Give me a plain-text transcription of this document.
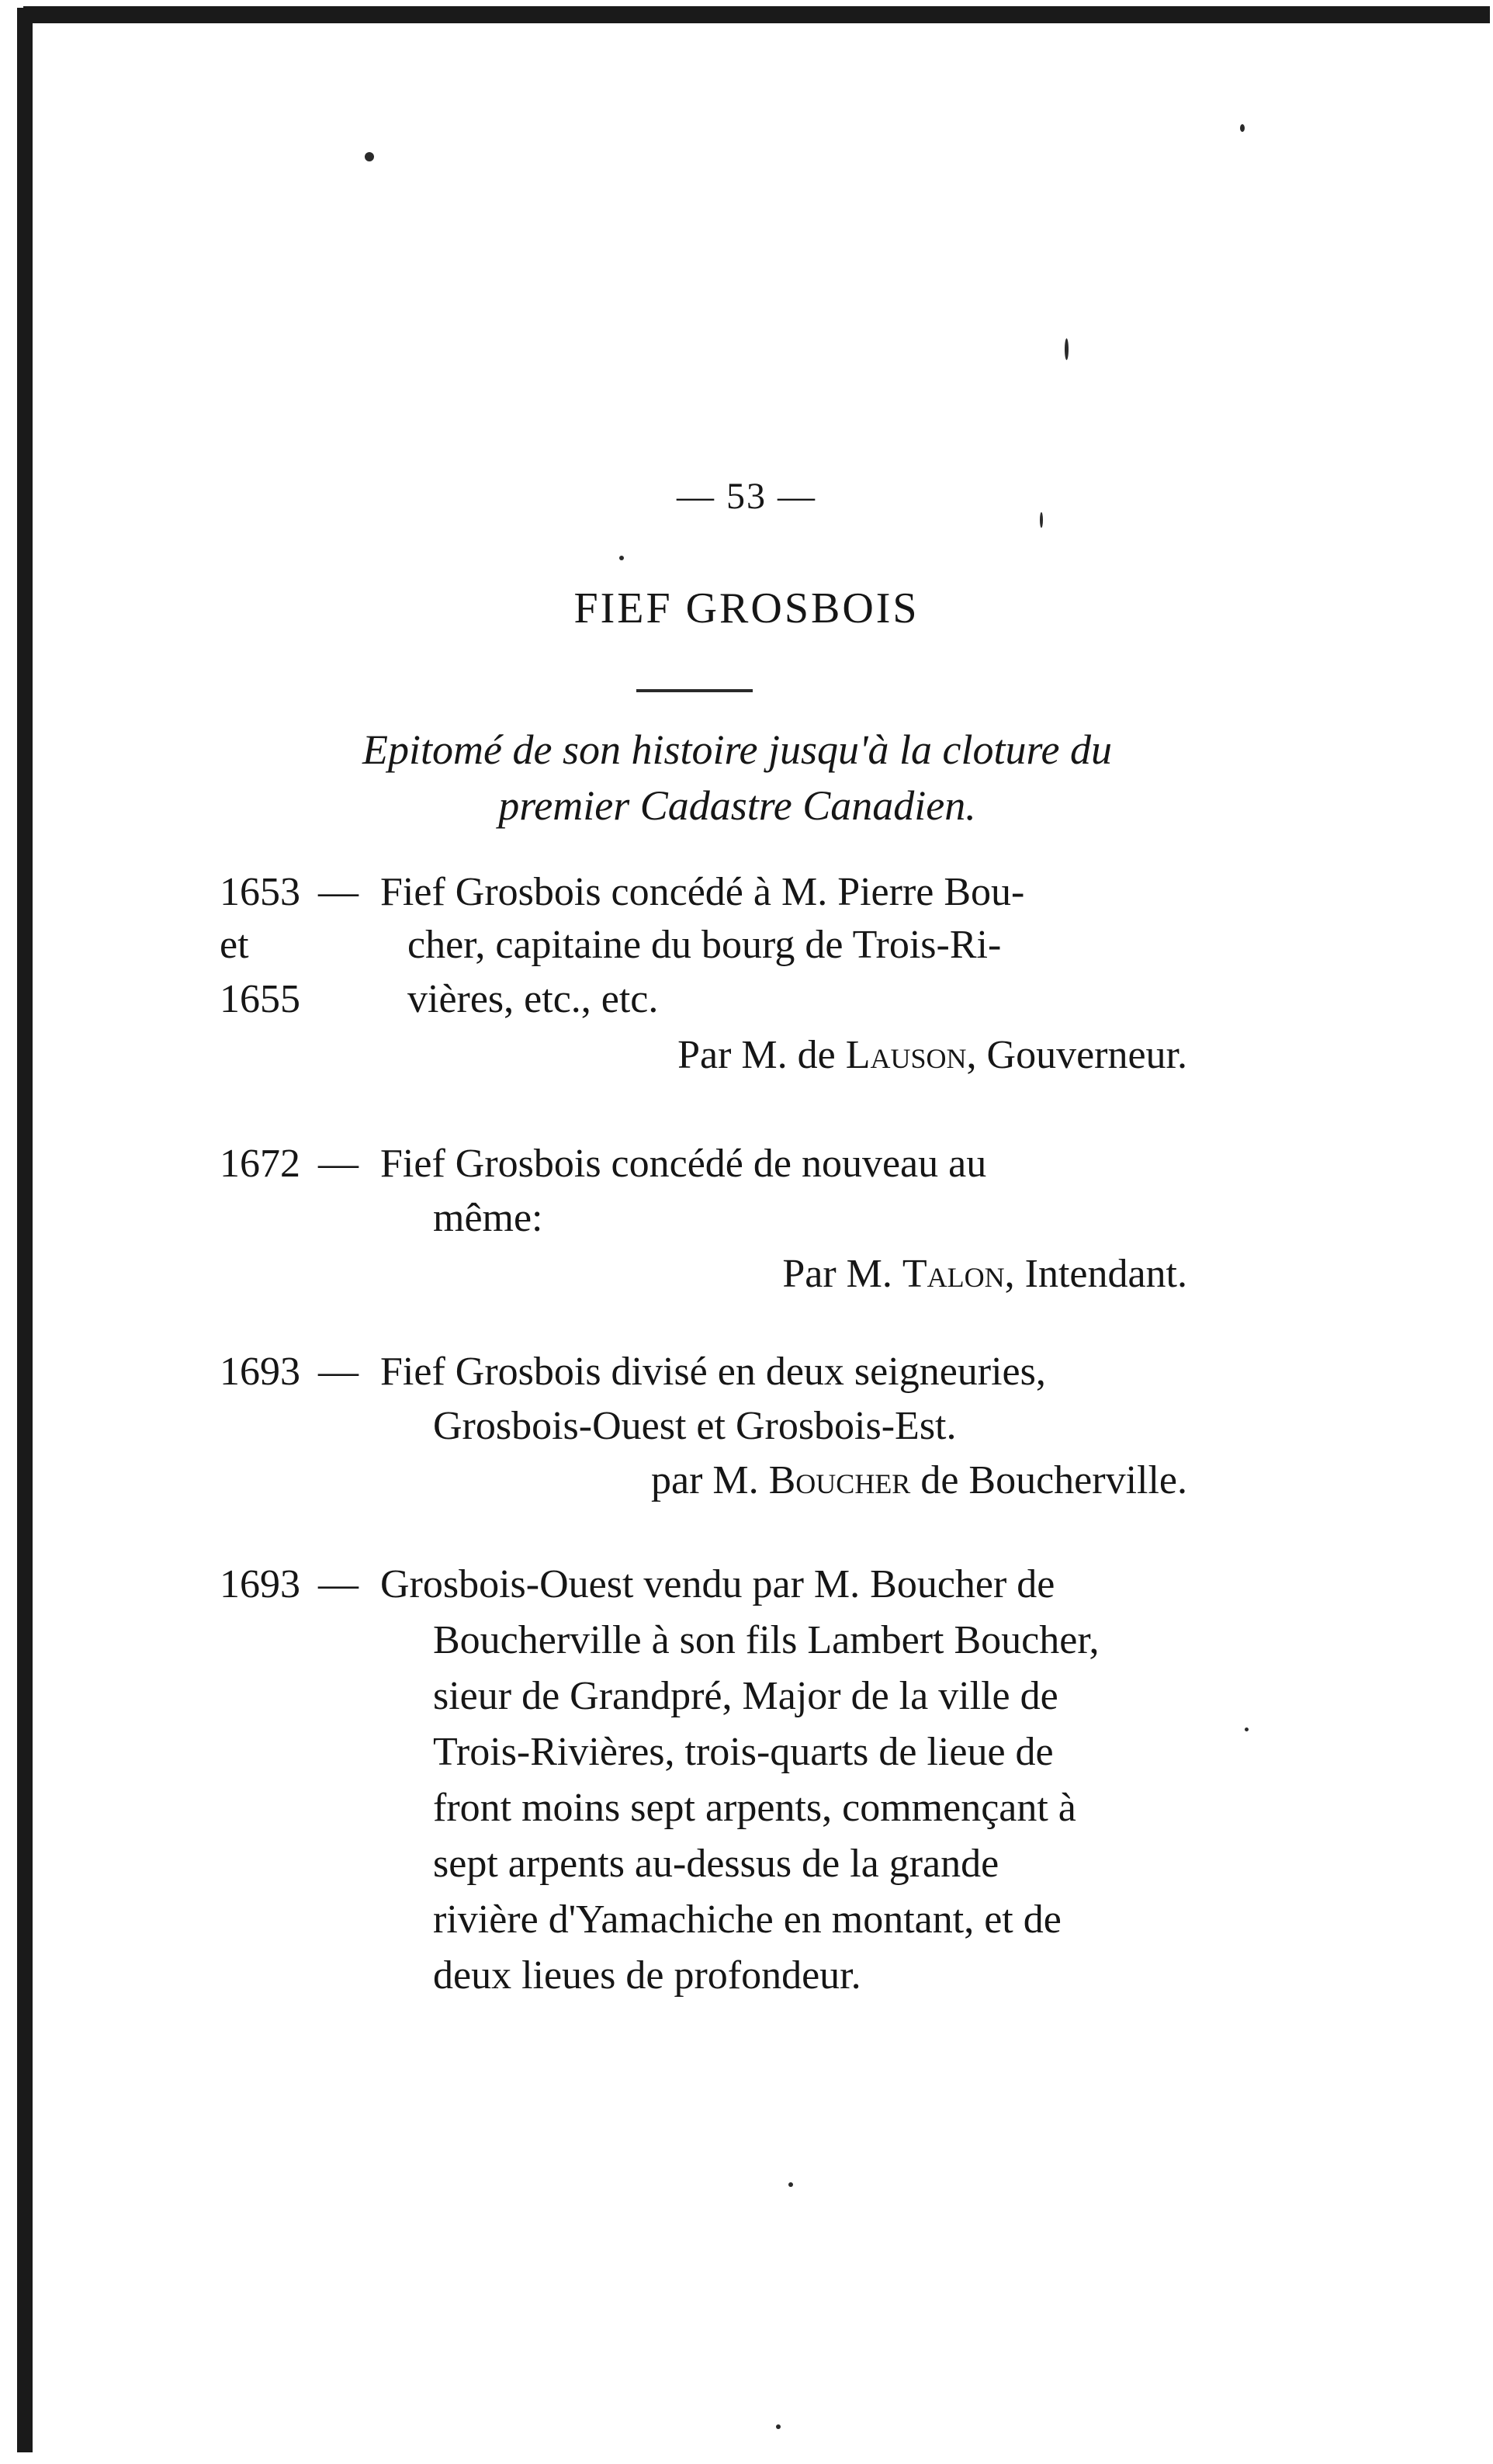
— 53 —
FIEF GROSBOIS
Epitomé de son histoire jusqu'à la cloture du
premier Cadastre Canadien.
1653
et
1655
— Fief Grosbois concédé à M. Pierre Bou-
cher, capitaine du bourg de Trois-Ri-
vières, etc., etc.
Par M. de Lauson, Gouverneur.
1672 — Fief Grosbois concédé de nouveau au
même:
Par M. Talon, Intendant.
1693 — Fief Grosbois divisé en deux seigneuries,
Grosbois-Ouest et Grosbois-Est.
par M. Boucher de Boucherville.
1693 — Grosbois-Ouest vendu par M. Boucher de
Boucherville à son fils Lambert Boucher,
sieur de Grandpré, Major de la ville de
Trois-Rivières, trois-quarts de lieue de
front moins sept arpents, commençant à
sept arpents au-dessus de la grande
rivière d'Yamachiche en montant, et de
deux lieues de profondeur.
